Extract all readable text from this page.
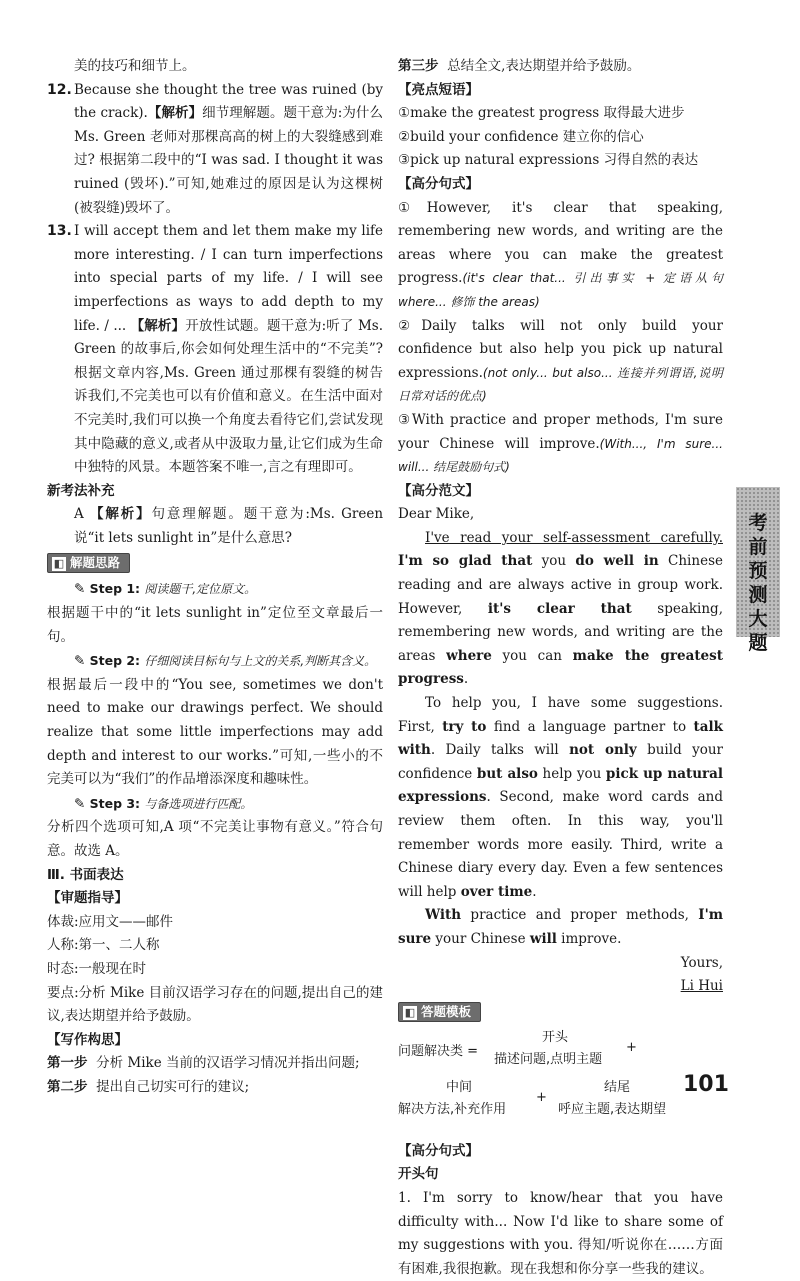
美的技巧和细节上。

12. Because she thought the tree was ruined (by the crack).【解析】细节理解题。题干意为:为什么 Ms. Green 老师对那棵高高的树上的大裂缝感到难过? 根据第二段中的“I was sad. I thought it was ruined (毁坏).”可知,她难过的原因是认为这棵树(被裂缝)毁坏了。

13. I will accept them and let them make my life more interesting. / I can turn imperfections into special parts of my life. / I will see imperfections as ways to add depth to my life. / ... 【解析】开放性试题。题干意为:听了 Ms. Green 的故事后,你会如何处理生活中的“不完美”? 根据文章内容,Ms. Green 通过那棵有裂缝的树告诉我们,不完美也可以有价值和意义。在生活中面对不完美时,我们可以换一个角度去看待它们,尝试发现其中隐藏的意义,或者从中汲取力量,让它们成为生命中独特的风景。本题答案不唯一,言之有理即可。

新考法补充

A 【解析】句意理解题。题干意为:Ms. Green 说“it lets sunlight in”是什么意思?

◧ 解题思路

✎ Step 1: 阅读题干,定位原文。

根据题干中的“it lets sunlight in”定位至文章最后一句。

✎ Step 2: 仔细阅读目标句与上文的关系,判断其含义。

根据最后一段中的“You see, sometimes we don't need to make our drawings perfect. We should realize that some little imperfections may add depth and interest to our works.”可知,一些小的不完美可以为“我们”的作品增添深度和趣味性。

✎ Step 3: 与备选项进行匹配。

分析四个选项可知,A 项“不完美让事物有意义。”符合句意。故选 A。

Ⅲ. 书面表达

【审题指导】

体裁:应用文——邮件

人称:第一、二人称

时态:一般现在时

要点:分析 Mike 目前汉语学习存在的问题,提出自己的建议,表达期望并给予鼓励。

【写作构思】

第一步 分析 Mike 当前的汉语学习情况并指出问题;

第二步 提出自己切实可行的建议;

第三步 总结全文,表达期望并给予鼓励。

【亮点短语】

①make the greatest progress 取得最大进步

②build your confidence 建立你的信心

③pick up natural expressions 习得自然的表达

【高分句式】

①However, it's clear that speaking, remembering new words, and writing are the areas where you can make the greatest progress.(it's clear that... 引出事实 + 定语从句 where... 修饰 the areas)

②Daily talks will not only build your confidence but also help you pick up natural expressions.(not only... but also... 连接并列谓语,说明日常对话的优点)

③With practice and proper methods, I'm sure your Chinese will improve.(With..., I'm sure... will... 结尾鼓励句式)

【高分范文】

Dear Mike,

I've read your self-assessment carefully. I'm so glad that you do well in Chinese reading and are always active in group work. However, it's clear that speaking, remembering new words, and writing are the areas where you can make the greatest progress.

To help you, I have some suggestions. First, try to find a language partner to talk with. Daily talks will not only build your confidence but also help you pick up natural expressions. Second, make word cards and review them often. In this way, you'll remember words more easily. Third, write a Chinese diary every day. Even a few sentences will help over time.

With practice and proper methods, I'm sure your Chinese will improve.

Yours,

Li Hui

◧ 答题模板
问题解决类 =
开头
描述问题,点明主题
+
中间
解决方法,补充作用
+
结尾
呼应主题,表达期望

【高分句式】

开头句

1. I'm sorry to know/hear that you have difficulty with... Now I'd like to share some of my suggestions with you. 得知/听说你在……方面有困难,我很抱歉。现在我想和你分享一些我的建议。

考前预测大题
101
